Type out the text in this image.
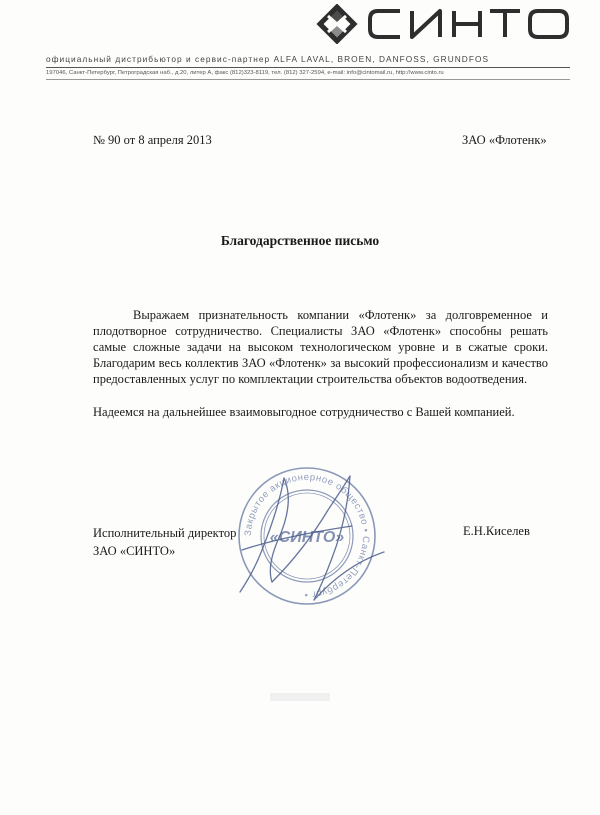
СИНТО
официальный дистрибьютор и сервис-партнер ALFA LAVAL, BROEN, DANFOSS, GRUNDFOS
197046, Санкт-Петербург, Петроградская наб., д.20, литер А, факс (812)323-8119, тел. (812) 327-2594, e-mail: info@cintomail.ru, http://www.cinto.ru
№ 90 от 8 апреля 2013	ЗАО «Флотенк»
Благодарственное письмо

Выражаем признательность компании «Флотенк» за долговременное и плодотворное сотрудничество. Специалисты ЗАО «Флотенк» способны решать самые сложные задачи на высоком технологическом уровне и в сжатые сроки. Благодарим весь коллектив ЗАО «Флотенк» за высокий профессионализм и качество предоставленных услуг по комплектации строительства объектов водоотведения.

Надеемся на дальнейшее взаимовыгодное сотрудничество с Вашей компанией.

Исполнительный директор
ЗАО «СИНТО»
Е.Н.Киселев
Закрытое акционерное общество • Санкт-Петербург •
«СИНТО»
